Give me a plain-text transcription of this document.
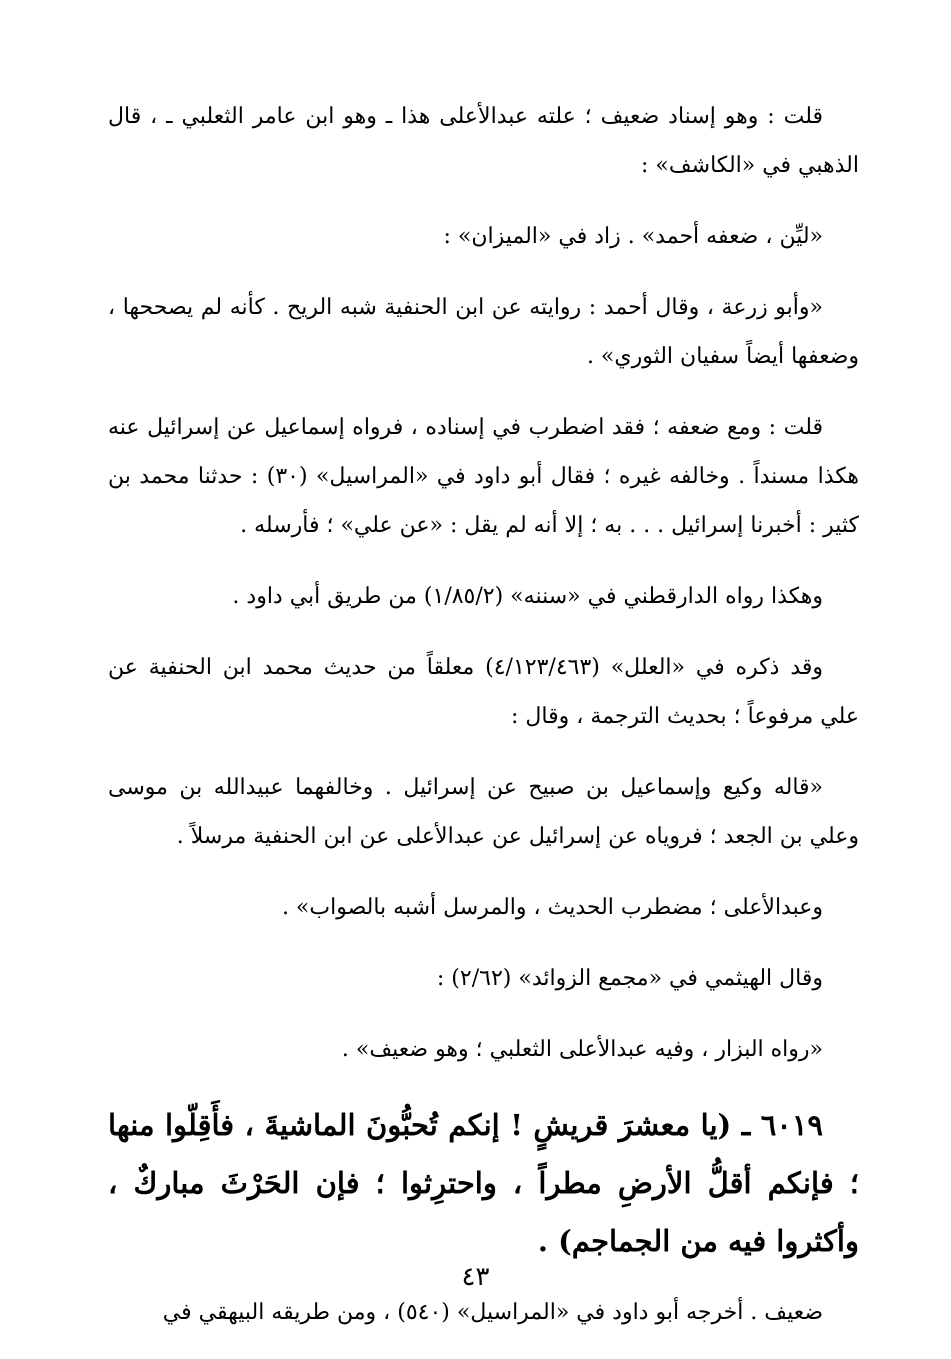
قلت : وهو إسناد ضعيف ؛ علته عبدالأعلى هذا ـ وهو ابن عامر الثعلبي ـ ، قال الذهبي في «الكاشف» :

«ليِّن ، ضعفه أحمد» . زاد في «الميزان» :

«وأبو زرعة ، وقال أحمد : روايته عن ابن الحنفية شبه الريح . كأنه لم يصححها ، وضعفها أيضاً سفيان الثوري» .

قلت : ومع ضعفه ؛ فقد اضطرب في إسناده ، فرواه إسماعيل عن إسرائيل عنه هكذا مسنداً . وخالفه غيره ؛ فقال أبو داود في «المراسيل» (٣٠) : حدثنا محمد بن كثير : أخبرنا إسرائيل . . . به ؛ إلا أنه لم يقل : «عن علي» ؛ فأرسله .

وهكذا رواه الدارقطني في «سننه» (١/٨٥/٢) من طريق أبي داود .

وقد ذكره في «العلل» (٤/١٢٣/٤٦٣) معلقاً من حديث محمد ابن الحنفية عن علي مرفوعاً ؛ بحديث الترجمة ، وقال :

«قاله وكيع وإسماعيل بن صبيح عن إسرائيل . وخالفهما عبيدالله بن موسى وعلي بن الجعد ؛ فروياه عن إسرائيل عن عبدالأعلى عن ابن الحنفية مرسلاً .

وعبدالأعلى ؛ مضطرب الحديث ، والمرسل أشبه بالصواب» .

وقال الهيثمي في «مجمع الزوائد» (٢/٦٢) :

«رواه البزار ، وفيه عبدالأعلى الثعلبي ؛ وهو ضعيف» .

٦٠١٩ ـ (يا معشرَ قريشٍ ! إنكم تُحبُّونَ الماشيةَ ، فأَقِلّوا منها ؛ فإنكم أقلُّ الأرضِ مطراً ، واحترِثوا ؛ فإن الحَرْثَ مباركٌ ، وأكثروا فيه من الجماجم) .

ضعيف . أخرجه أبو داود في «المراسيل» (٥٤٠) ، ومن طريقه البيهقي في

٤٣
